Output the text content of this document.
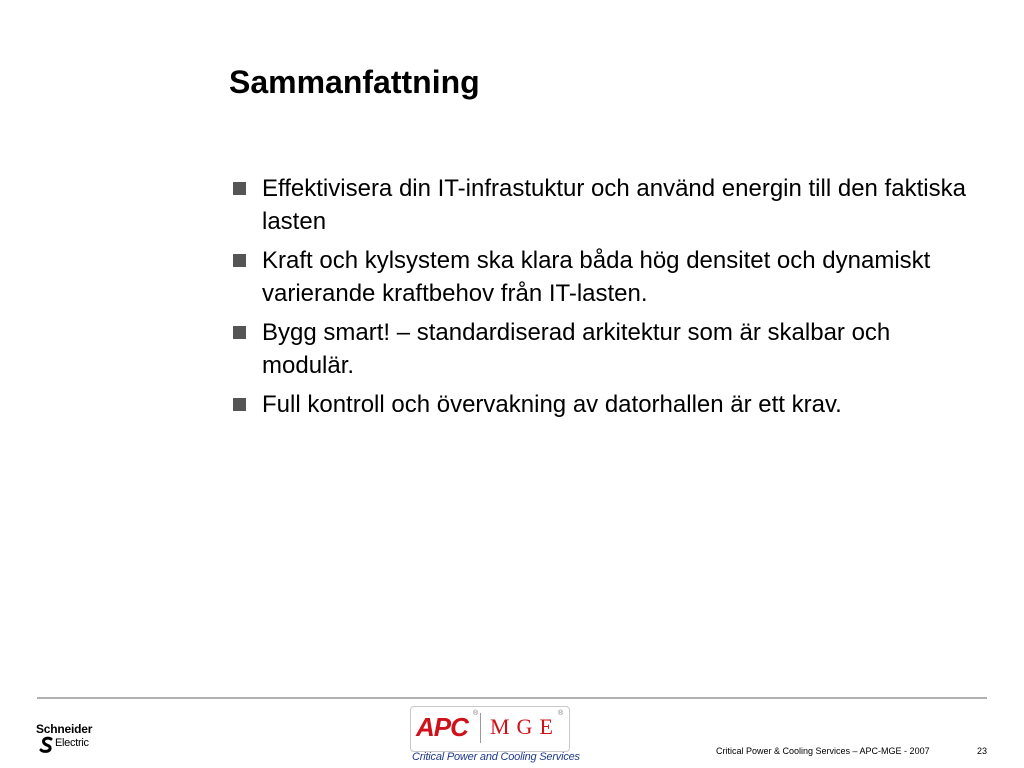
Sammanfattning
Effektivisera din IT-infrastuktur och använd energin till den faktiska lasten
Kraft och kylsystem ska klara båda hög densitet och dynamiskt varierande kraftbehov från IT-lasten.
Bygg smart! – standardiserad arkitektur som är skalbar och modulär.
Full kontroll och övervakning av datorhallen är ett krav.
Schneider
Electric
APC ®
MGE
®
Critical Power and Cooling Services	Critical Power & Cooling Services – APC-MGE - 2007	23
